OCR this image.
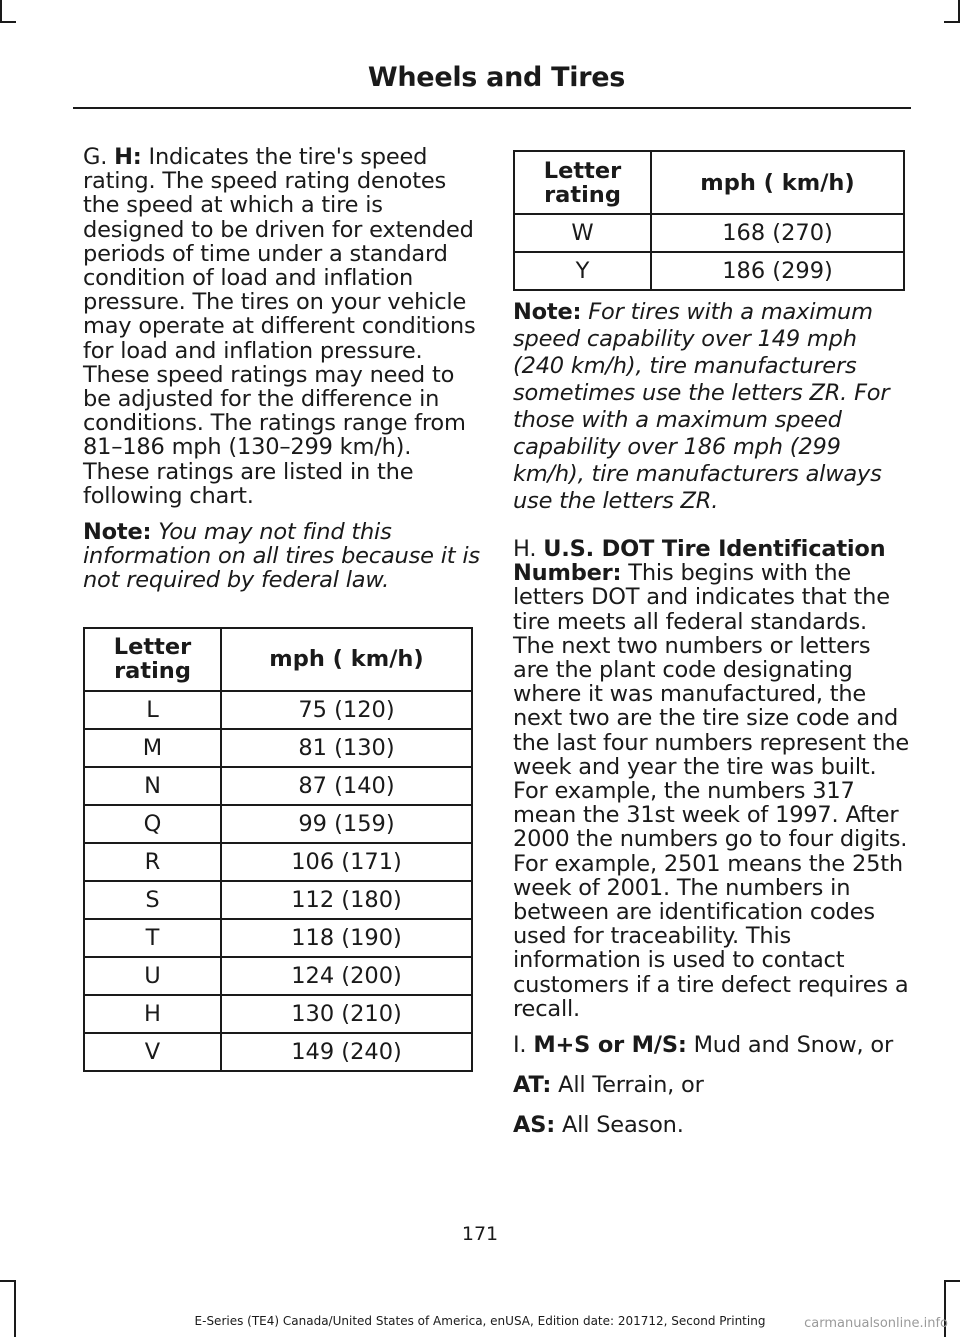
Wheels and Tires

G. H: Indicates the tire's speed rating. The speed rating denotes the speed at which a tire is designed to be driven for extended periods of time under a standard condition of load and inflation pressure. The tires on your vehicle may operate at different conditions for load and inflation pressure. These speed ratings may need to be adjusted for the difference in conditions. The ratings range from 81–186 mph (130–299 km/h). These ratings are listed in the following chart.

Note: You may not find this information on all tires because it is not required by federal law.

Letter rating	mph ( km/h)
L	75 (120)
M	81 (130)
N	87 (140)
Q	99 (159)
R	106 (171)
S	112 (180)
T	118 (190)
U	124 (200)
H	130 (210)
V	149 (240)
Letter rating	mph ( km/h)
W	168 (270)
Y	186 (299)

Note: For tires with a maximum speed capability over 149 mph (240 km/h), tire manufacturers sometimes use the letters ZR. For those with a maximum speed capability over 186 mph (299 km/h), tire manufacturers always use the letters ZR.

H. U.S. DOT Tire Identification Number: This begins with the letters DOT and indicates that the tire meets all federal standards. The next two numbers or letters are the plant code designating where it was manufactured, the next two are the tire size code and the last four numbers represent the week and year the tire was built. For example, the numbers 317 mean the 31st week of 1997. After 2000 the numbers go to four digits. For example, 2501 means the 25th week of 2001. The numbers in between are identification codes used for traceability. This information is used to contact customers if a tire defect requires a recall.

I. M+S or M/S: Mud and Snow, or

AT: All Terrain, or

AS: All Season.

171
E-Series (TE4) Canada/United States of America, enUSA, Edition date: 201712, Second Printing	carmanualsonline.info
